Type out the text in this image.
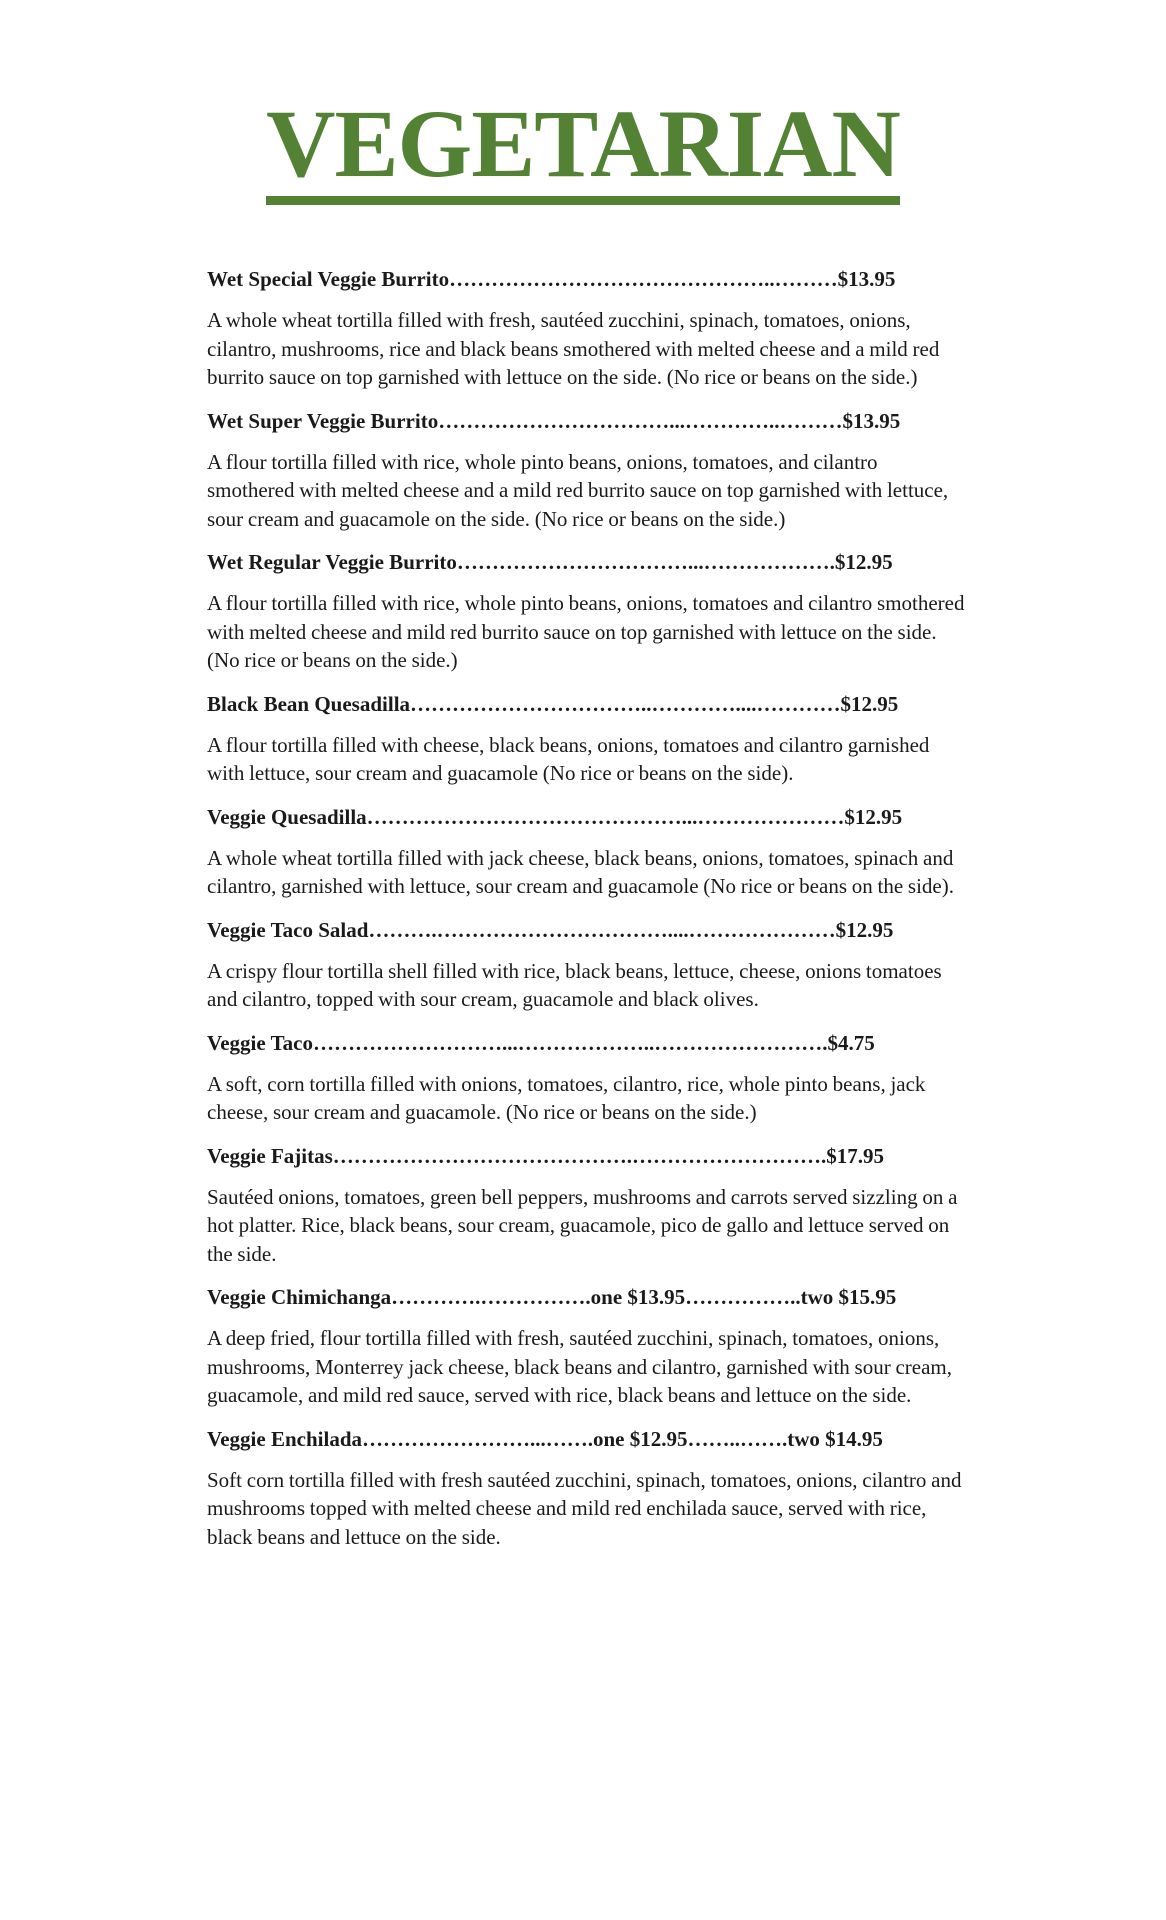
VEGETARIAN
Wet Special Veggie Burrito………………………………………..………$13.95
A whole wheat tortilla filled with fresh, sautéed zucchini, spinach, tomatoes, onions, cilantro, mushrooms, rice and black beans smothered with melted cheese and a mild red burrito sauce on top garnished with lettuce on the side. (No rice or beans on the side.)
Wet Super Veggie Burrito……………………………...…………..………$13.95
A flour tortilla filled with rice, whole pinto beans, onions, tomatoes, and cilantro smothered with melted cheese and a mild red burrito sauce on top garnished with lettuce, sour cream and guacamole on the side. (No rice or beans on the side.)
Wet Regular Veggie Burrito……………………………...……………….$12.95
A flour tortilla filled with rice, whole pinto beans, onions, tomatoes and cilantro smothered with melted cheese and mild red burrito sauce on top garnished with lettuce on the side. (No rice or beans on the side.)
Black Bean Quesadilla……………………………..…………....…………$12.95
A flour tortilla filled with cheese, black beans, onions, tomatoes and cilantro garnished with lettuce, sour cream and guacamole (No rice or beans on the side).
Veggie Quesadilla………………………………………...…………………$12.95
A whole wheat tortilla filled with jack cheese, black beans, onions, tomatoes, spinach and cilantro, garnished with lettuce, sour cream and guacamole (No rice or beans on the side).
Veggie Taco Salad……….……………………………....…………………$12.95
A crispy flour tortilla shell filled with rice, black beans, lettuce, cheese, onions tomatoes and cilantro, topped with sour cream, guacamole and black olives.
Veggie Taco………………………...………………..…………………….$4.75
A soft, corn tortilla filled with onions, tomatoes, cilantro, rice, whole pinto beans, jack cheese, sour cream and guacamole. (No rice or beans on the side.)
Veggie Fajitas…………………………………….……………………….$17.95
Sautéed onions, tomatoes, green bell peppers, mushrooms and carrots served sizzling on a hot platter. Rice, black beans, sour cream, guacamole, pico de gallo and lettuce served on the side.
Veggie Chimichanga………….…………….one $13.95……………..two $15.95
A deep fried, flour tortilla filled with fresh, sautéed zucchini, spinach, tomatoes, onions, mushrooms, Monterrey jack cheese, black beans and cilantro, garnished with sour cream, guacamole, and mild red sauce, served with rice, black beans and lettuce on the side.
Veggie Enchilada……………………...…….one $12.95……..…….two $14.95
Soft corn tortilla filled with fresh sautéed zucchini, spinach, tomatoes, onions, cilantro and mushrooms topped with melted cheese and mild red enchilada sauce, served with rice, black beans and lettuce on the side.
